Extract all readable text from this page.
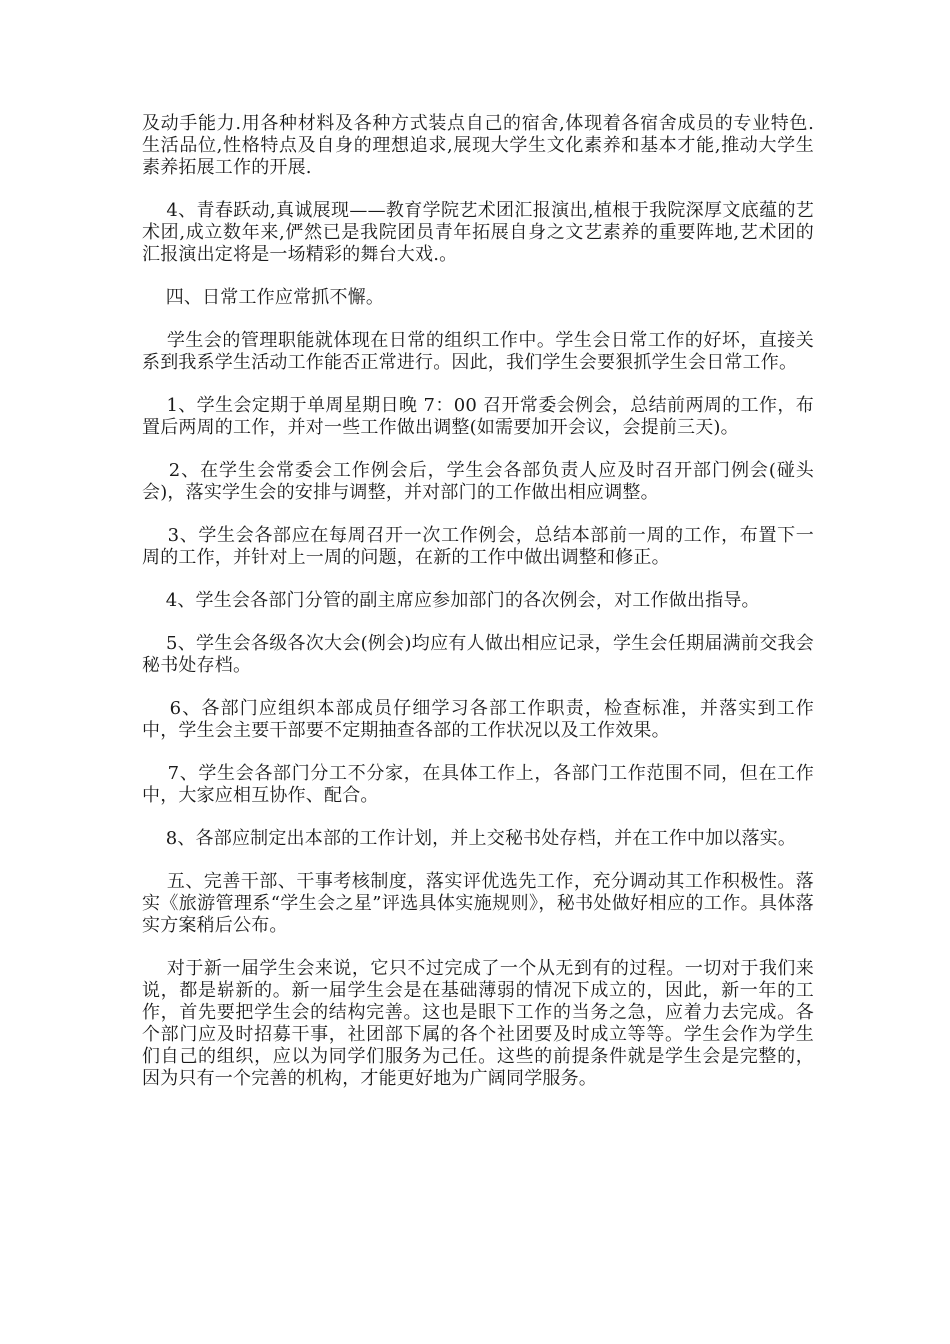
及动手能力.用各种材料及各种方式装点自己的宿舍,体现着各宿舍成员的专业特色.生活品位,性格特点及自身的理想追求,展现大学生文化素养和基本才能,推动大学生素养拓展工作的开展.

4、青春跃动,真诚展现——教育学院艺术团汇报演出,植根于我院深厚文底蕴的艺术团,成立数年来,俨然已是我院团员青年拓展自身之文艺素养的重要阵地,艺术团的汇报演出定将是一场精彩的舞台大戏.。

四、日常工作应常抓不懈。

学生会的管理职能就体现在日常的组织工作中。学生会日常工作的好坏，直接关系到我系学生活动工作能否正常进行。因此，我们学生会要狠抓学生会日常工作。

1、学生会定期于单周星期日晚 7：00 召开常委会例会，总结前两周的工作，布置后两周的工作，并对一些工作做出调整(如需要加开会议，会提前三天)。

2、在学生会常委会工作例会后，学生会各部负责人应及时召开部门例会(碰头会)，落实学生会的安排与调整，并对部门的工作做出相应调整。

3、学生会各部应在每周召开一次工作例会，总结本部前一周的工作，布置下一周的工作，并针对上一周的问题，在新的工作中做出调整和修正。

4、学生会各部门分管的副主席应参加部门的各次例会，对工作做出指导。

5、学生会各级各次大会(例会)均应有人做出相应记录，学生会任期届满前交我会秘书处存档。

6、各部门应组织本部成员仔细学习各部工作职责，检查标准，并落实到工作中，学生会主要干部要不定期抽查各部的工作状况以及工作效果。

7、学生会各部门分工不分家，在具体工作上，各部门工作范围不同，但在工作中，大家应相互协作、配合。

8、各部应制定出本部的工作计划，并上交秘书处存档，并在工作中加以落实。

五、完善干部、干事考核制度，落实评优选先工作，充分调动其工作积极性。落实《旅游管理系“学生会之星”评选具体实施规则》，秘书处做好相应的工作。具体落实方案稍后公布。

对于新一届学生会来说，它只不过完成了一个从无到有的过程。一切对于我们来说，都是崭新的。新一届学生会是在基础薄弱的情况下成立的，因此，新一年的工作，首先要把学生会的结构完善。这也是眼下工作的当务之急，应着力去完成。各个部门应及时招募干事，社团部下属的各个社团要及时成立等等。学生会作为学生们自己的组织，应以为同学们服务为己任。这些的前提条件就是学生会是完整的，因为只有一个完善的机构，才能更好地为广阔同学服务。
